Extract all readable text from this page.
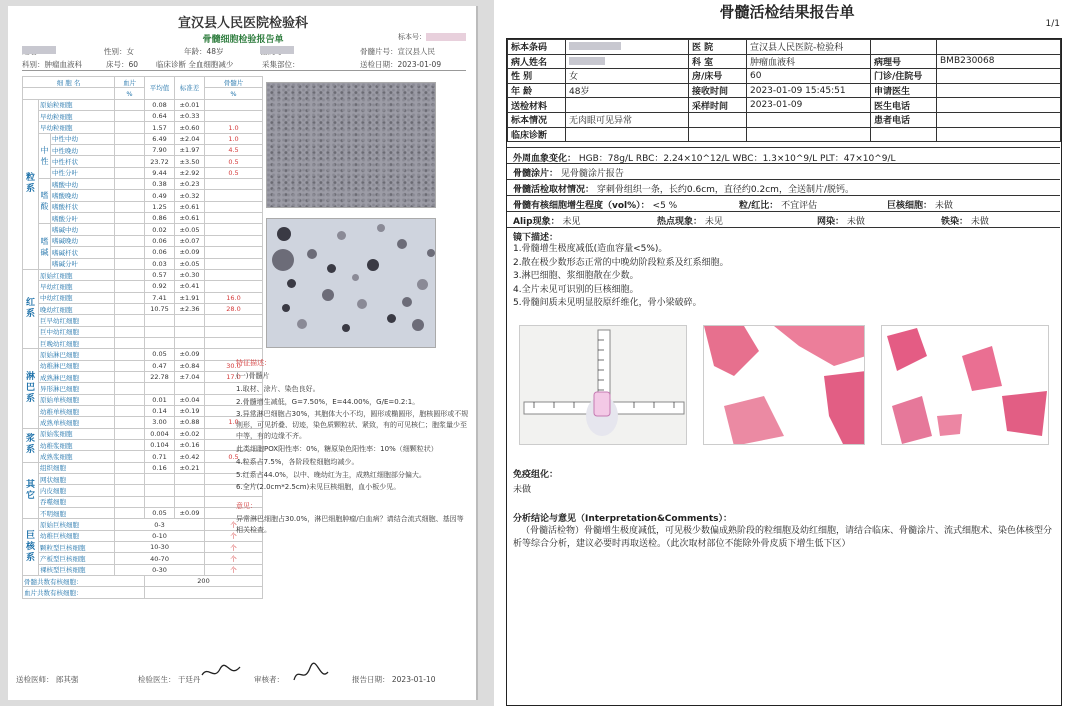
宣汉县人民医院检验科
骨髓细胞检验报告单	标本号：
性别：女	年龄：48岁	骨髓片号：宣汉县人民
科别：肿瘤血液科	床号：60 临床诊断 全血细胞减少	采集部位：	送检日期：2023-01-09
细 胞 名			血片	平均值	标准差	骨髓片
			%			%
粒系	原始粒细胞			0.08	±0.01	
	早幼粒细胞			0.64	±0.33	
	早幼粒细胞			1.57	±0.60	1.0
	中性	中性中幼		6.49	±2.04	1.0
		中性晚幼		7.90	±1.97	4.5
		中性杆状		23.72	±3.50	0.5
		中性分叶		9.44	±2.92	0.5
	嗜酸	嗜酸中幼		0.38	±0.23	
		嗜酸晚幼		0.49	±0.32	
		嗜酸杆状		1.25	±0.61	
		嗜酸分叶		0.86	±0.61	
	嗜碱	嗜碱中幼		0.02	±0.05	
		嗜碱晚幼		0.06	±0.07	
		嗜碱杆状		0.06	±0.09	
		嗜碱分叶		0.03	±0.05	
红系	原始红细胞			0.57	±0.30	
	早幼红细胞			0.92	±0.41	
	中幼红细胞			7.41	±1.91	16.0
	晚幼红细胞			10.75	±2.36	28.0
	巨早幼红细胞					
	巨中幼红细胞					
	巨晚幼红细胞					
淋巴系	原始淋巴细胞			0.05	±0.09	
	幼稚淋巴细胞			0.47	±0.84	30.0
	成熟淋巴细胞			22.78	±7.04	17.0
	异形淋巴细胞					
	原始单核细胞			0.01	±0.04	
	幼稚单核细胞			0.14	±0.19	
	成熟单核细胞			3.00	±0.88	1.0
浆系	原始浆细胞			0.004	±0.02	
	幼稚浆细胞			0.104	±0.16	
	成熟浆细胞			0.71	±0.42	0.5
其它	组织细胞			0.16	±0.21	
	网状细胞					
	内皮细胞					
	吞噬细胞					
	不明细胞			0.05	±0.09	
巨核系	原始巨核细胞		0-3			个
	幼稚巨核细胞		0-10			个
	颗粒型巨核细胞		10-30			个
	产板型巨核细胞		40-70			个
	裸核型巨核细胞		0-30			个
骨髓共数有核细胞：				200		
血片共数有核细胞：						

特征描述：

(一)骨髓片

1.取材、涂片、染色良好。

2.骨髓增生减低，G=7.50%，E=44.00%，G/E=0.2:1。

3.异常淋巴细胞占30%，其胞体大小不均，圆形或椭圆形，胞核圆形或不规则形，可见折叠、切迹，染色质颗粒状、紧致，有的可见核仁；胞浆量少至中等，有的边缘不齐。

此类细胞POX阳性率：0%，糖原染色阳性率：10%（细颗粒状）

4.粒系占7.5%，各阶段粒细胞均减少。

5.红系占44.0%，以中、晚幼红为主，成熟红细胞部分偏大。

6.全片(2.0cm*2.5cm)未见巨核细胞，血小板少见。

意见：

异常淋巴细胞占30.0%，淋巴细胞肿瘤/白血病？请结合流式细胞、基因等相关检查。

送检医师： 郎其强	检验医生： 于廷丹	审核者：	报告日期： 2023-01-10
骨髓活检结果报告单
1/1
标本条码		医 院	宣汉县人民医院-检验科		
病人姓名		科 室	肿瘤血液科	病理号	BMB230068
性 别	女	房/床号	60	门诊/住院号	
年 龄	48岁	接收时间	2023-01-09 15:45:51	申请医生	
送检材料		采样时间	2023-01-09	医生电话	
标本情况	无肉眼可见异常			患者电话	
临床诊断					
外周血象变化： HGB：78g/L RBC：2.24×10^12/L WBC：1.3×10^9/L PLT：47×10^9/L
骨髓涂片： 见骨髓涂片报告
骨髓活检取材情况： 穿刺骨组织一条，长约0.6cm，直径约0.2cm，全送制片/脱钙。
骨髓有核细胞增生程度（vol%）： <5 %	粒/红比： 不宜评估	巨核细胞： 未做
Alip现象： 未见	热点现象： 未见	网染： 未做	铁染： 未做
镜下描述：
1.骨髓增生极度减低(造血容量<5%)。
2.散在极少数形态正常的中晚幼阶段粒系及红系细胞。
3.淋巴细胞、浆细胞散在少数。
4.全片未见可识别的巨核细胞。
5.骨髓间质未见明显胶原纤维化，骨小梁破碎。
免疫组化：
未做
分析结论与意见（Interpretation&Comments）：
（骨髓活检物）骨髓增生极度减低，可见极少数偏成熟阶段的粒细胞及幼红细胞，请结合临床、骨髓涂片、流式细胞术、染色体核型分析等综合分析，建议必要时再取送检。（此次取材部位不能除外骨皮质下增生低下区）
